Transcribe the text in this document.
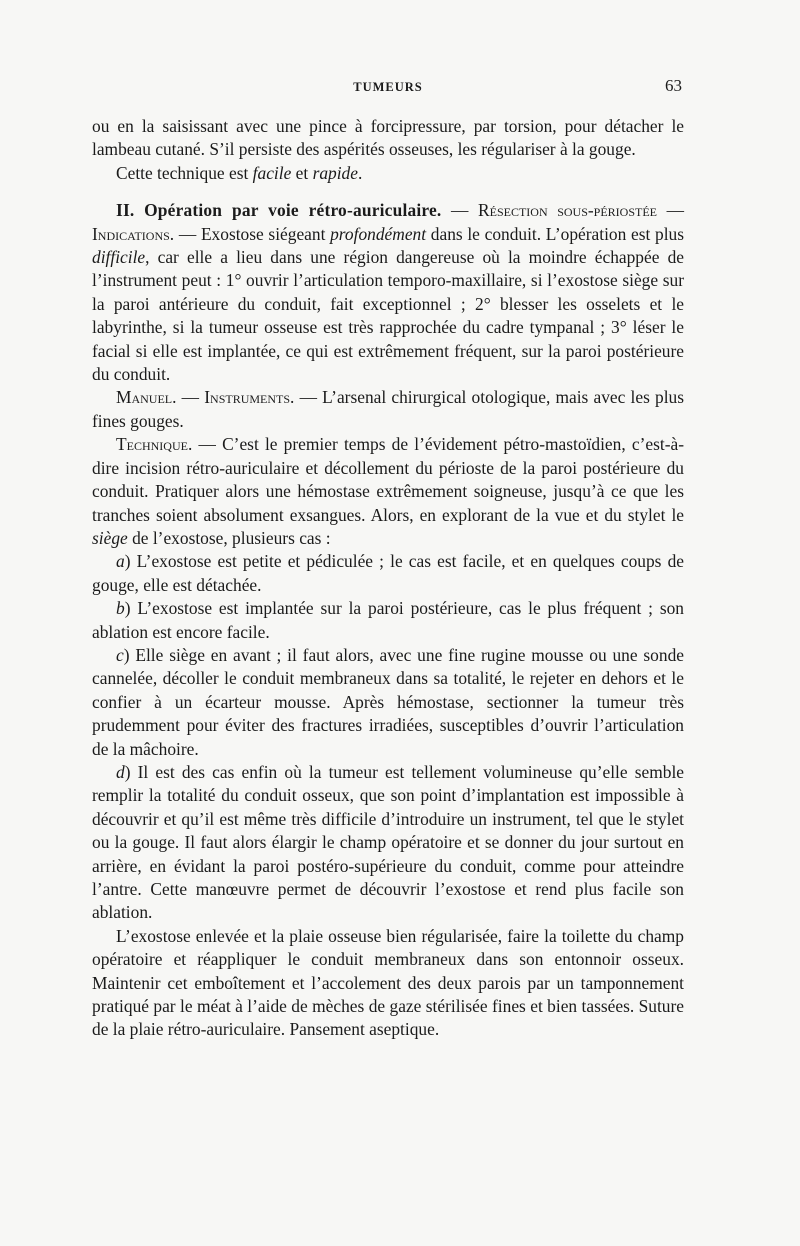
TUMEURS	63

ou en la saisissant avec une pince à forcipressure, par torsion, pour détacher le lambeau cutané. S’il persiste des aspérités osseuses, les régulariser à la gouge.

Cette technique est facile et rapide.

II. Opération par voie rétro-auriculaire. — Résection sous-périostée — Indications. — Exostose siégeant profondément dans le conduit. L’opération est plus difficile, car elle a lieu dans une région dangereuse où la moindre échappée de l’instrument peut : 1° ouvrir l’articulation temporo-maxillaire, si l’exostose siège sur la paroi antérieure du conduit, fait exceptionnel ; 2° blesser les osselets et le labyrinthe, si la tumeur osseuse est très rapprochée du cadre tympanal ; 3° léser le facial si elle est implantée, ce qui est extrêmement fréquent, sur la paroi postérieure du conduit.

Manuel. — Instruments. — L’arsenal chirurgical otologique, mais avec les plus fines gouges.

Technique. — C’est le premier temps de l’évidement pétro-mastoïdien, c’est-à-dire incision rétro-auriculaire et décollement du périoste de la paroi postérieure du conduit. Pratiquer alors une hémostase extrêmement soigneuse, jusqu’à ce que les tranches soient absolument exsangues. Alors, en explorant de la vue et du stylet le siège de l’exostose, plusieurs cas :

a) L’exostose est petite et pédiculée ; le cas est facile, et en quelques coups de gouge, elle est détachée.

b) L’exostose est implantée sur la paroi postérieure, cas le plus fréquent ; son ablation est encore facile.

c) Elle siège en avant ; il faut alors, avec une fine rugine mousse ou une sonde cannelée, décoller le conduit membraneux dans sa totalité, le rejeter en dehors et le confier à un écarteur mousse. Après hémostase, sectionner la tumeur très prudemment pour éviter des fractures irradiées, susceptibles d’ouvrir l’articulation de la mâchoire.

d) Il est des cas enfin où la tumeur est tellement volumineuse qu’elle semble remplir la totalité du conduit osseux, que son point d’implantation est impossible à découvrir et qu’il est même très difficile d’introduire un instrument, tel que le stylet ou la gouge. Il faut alors élargir le champ opératoire et se donner du jour surtout en arrière, en évidant la paroi postéro-supérieure du conduit, comme pour atteindre l’antre. Cette manœuvre permet de découvrir l’exostose et rend plus facile son ablation.

L’exostose enlevée et la plaie osseuse bien régularisée, faire la toilette du champ opératoire et réappliquer le conduit membraneux dans son entonnoir osseux. Maintenir cet emboîtement et l’accolement des deux parois par un tamponnement pratiqué par le méat à l’aide de mèches de gaze stérilisée fines et bien tassées. Suture de la plaie rétro-auriculaire. Pansement aseptique.
